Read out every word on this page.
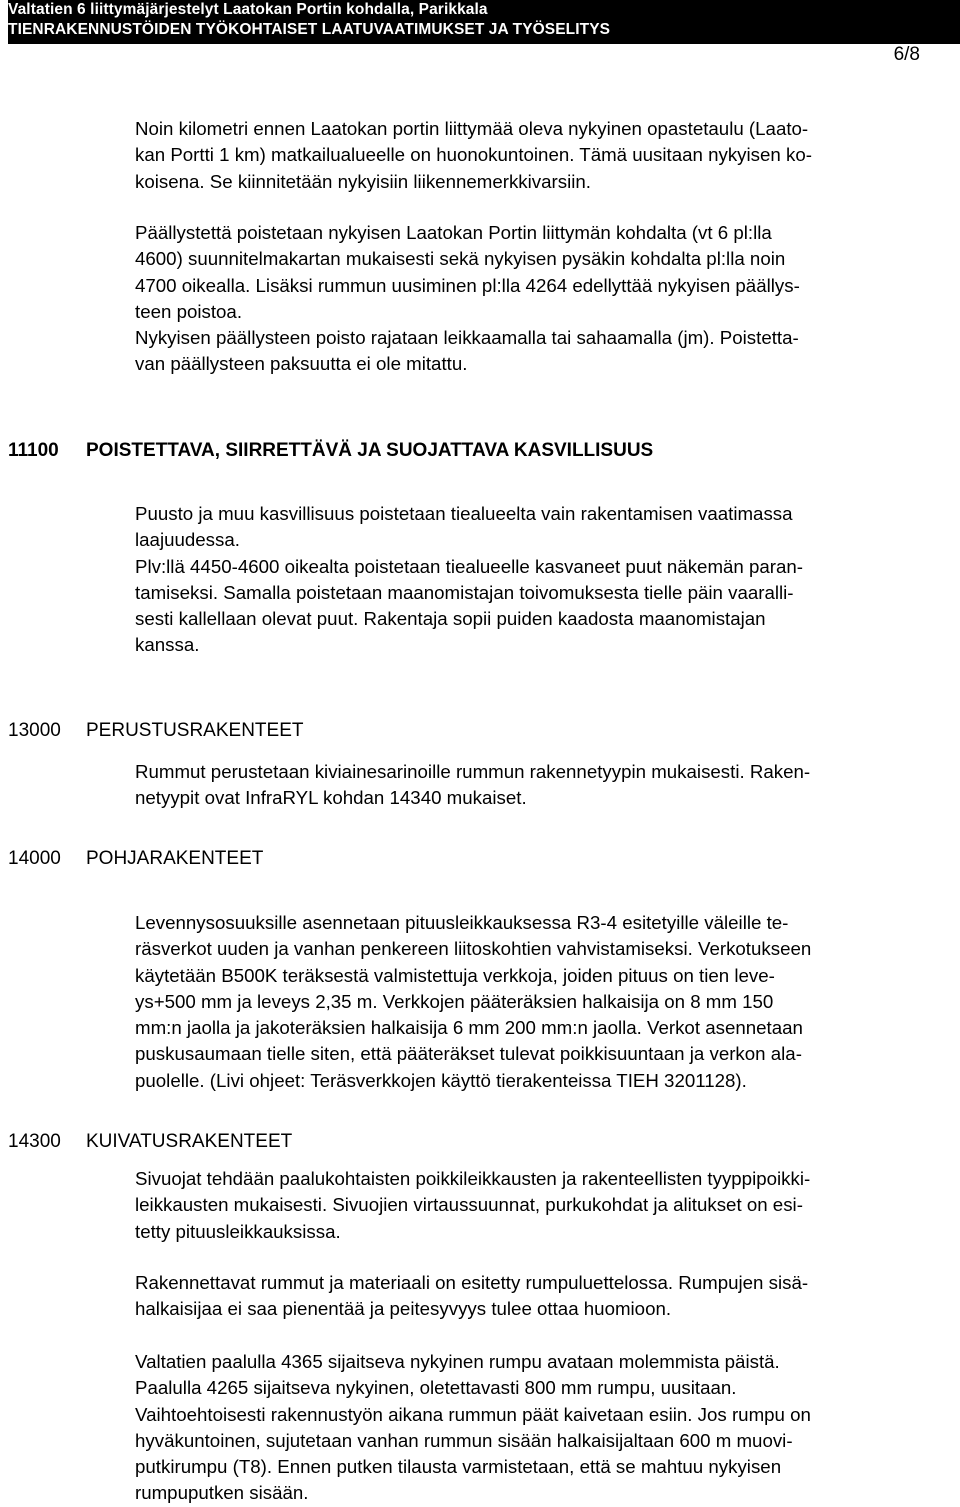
Valtatien 6 liittymäjärjestelyt Laatokan Portin kohdalla, Parikkala
TIENRAKENNUSTÖIDEN TYÖKOHTAISET LAATUVAATIMUKSET JA TYÖSELITYS
6/8
Noin kilometri ennen Laatokan portin liittymää oleva nykyinen opastetaulu (Laato-
kan Portti 1 km) matkailualueelle on huonokuntoinen. Tämä uusitaan nykyisen ko-
koisena. Se kiinnitetään nykyisiin liikennemerkkivarsiin.
Päällystettä poistetaan nykyisen Laatokan Portin liittymän kohdalta (vt 6 pl:lla
4600) suunnitelmakartan mukaisesti sekä nykyisen pysäkin kohdalta pl:lla noin
4700 oikealla. Lisäksi rummun uusiminen pl:lla 4264 edellyttää nykyisen päällys-
teen poistoa.
Nykyisen päällysteen poisto rajataan leikkaamalla tai sahaamalla (jm). Poistetta-
van päällysteen paksuutta ei ole mitattu.
11100 POISTETTAVA, SIIRRETTÄVÄ JA SUOJATTAVA KASVILLISUUS
Puusto ja muu kasvillisuus poistetaan tiealueelta vain rakentamisen vaatimassa
laajuudessa.
Plv:llä 4450-4600 oikealta poistetaan tiealueelle kasvaneet puut näkemän paran-
tamiseksi. Samalla poistetaan maanomistajan toivomuksesta tielle päin vaaralli-
sesti kallellaan olevat puut. Rakentaja sopii puiden kaadosta maanomistajan
kanssa.
13000 PERUSTUSRAKENTEET
Rummut perustetaan kiviainesarinoille rummun rakennetyypin mukaisesti. Raken-
netyypit ovat InfraRYL kohdan 14340 mukaiset.
14000 POHJARAKENTEET
Levennysosuuksille asennetaan pituusleikkauksessa R3-4 esitetyille väleille te-
räsverkot uuden ja vanhan penkereen liitoskohtien vahvistamiseksi. Verkotukseen
käytetään B500K teräksestä valmistettuja verkkoja, joiden pituus on tien leve-
ys+500 mm ja leveys 2,35 m. Verkkojen pääteräksien halkaisija on 8 mm 150
mm:n jaolla ja jakoteräksien halkaisija 6 mm 200 mm:n jaolla. Verkot asennetaan
puskusaumaan tielle siten, että pääteräkset tulevat poikkisuuntaan ja verkon ala-
puolelle. (Livi ohjeet: Teräsverkkojen käyttö tierakenteissa TIEH 3201128).
14300 KUIVATUSRAKENTEET
Sivuojat tehdään paalukohtaisten poikkileikkausten ja rakenteellisten tyyppipoikki-
leikkausten mukaisesti. Sivuojien virtaussuunnat, purkukohdat ja alitukset on esi-
tetty pituusleikkauksissa.
Rakennettavat rummut ja materiaali on esitetty rumpuluettelossa. Rumpujen sisä-
halkaisijaa ei saa pienentää ja peitesyvyys tulee ottaa huomioon.
Valtatien paalulla 4365 sijaitseva nykyinen rumpu avataan molemmista päistä.
Paalulla 4265 sijaitseva nykyinen, oletettavasti 800 mm rumpu, uusitaan.
Vaihtoehtoisesti rakennustyön aikana rummun päät kaivetaan esiin. Jos rumpu on
hyväkuntoinen, sujutetaan vanhan rummun sisään halkaisijaltaan 600 m muovi-
putkirumpu (T8). Ennen putken tilausta varmistetaan, että se mahtuu nykyisen
rumpuputken sisään.
